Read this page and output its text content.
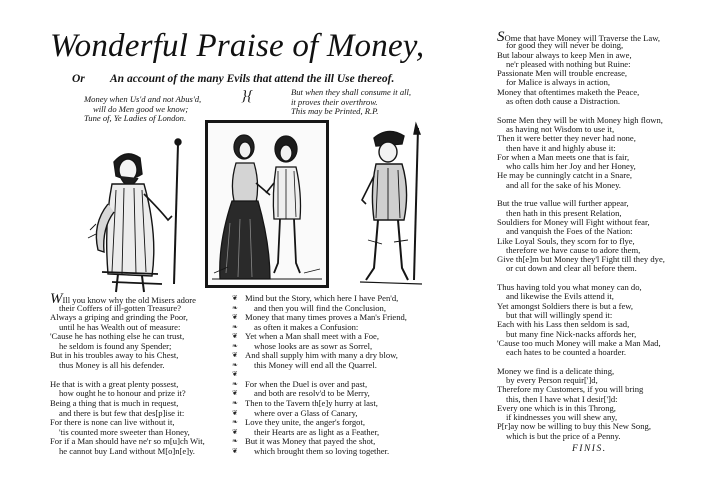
Wonderful Praise of Money,
Or An account of the many Evils that attend the ill Use thereof.
Money when Us'd and not Abus'd,
will do Men good we know;
Tune of, Ye Ladies of London.
}{	But when they shall consume it all,
it proves their overthrow.
This may be Printed, R.P.
WIll you know why the old Misers adore
their Coffers of ill-gotten Treasure?
Always a griping and grinding the Poor,
until he has Wealth out of measure:
'Cause he has nothing else he can trust,
he seldom is found any Spender;
But in his troubles away to his Chest,
thus Money is all his defender.
He that is with a great plenty possest,
how ought he to honour and prize it?
Being a thing that is much in request,
and there is but few that des[p]ise it:
For there is none can live without it,
'tis counted more sweeter than Honey,
For if a Man should have ne'r so m[u]ch Wit,
he cannot buy Land without M[o]n[e]y.
❦
❧
❦
❧
❦
❧
❦
❧
❦
❧
❦
❧
❦
❧
❦
❧
❦
Mind but the Story, which here I have Pen'd,
and then you will find the Conclusion,
Money that many times proves a Man's Friend,
as often it makes a Confusion:
Yet when a Man shall meet with a Foe,
whose looks are as sowr as Sorrel,
And shall supply him with many a dry blow,
this Money will end all the Quarrel.
For when the Duel is over and past,
and both are resolv'd to be Merry,
Then to the Tavern th[e]y hurry at last,
where over a Glass of Canary,
Love they unite, the anger's forgot,
their Hearts are as light as a Feather,
But it was Money that payed the shot,
which brought them so loving together.
SOme that have Money will Traverse the Law,
for good they will never be doing,
But labour always to keep Men in awe,
ne'r pleased with nothing but Ruine:
Passionate Men will trouble encrease,
for Malice is always in action,
Money that oftentimes maketh the Peace,
as often doth cause a Distraction.
Some Men they will be with Money high flown,
as having not Wisdom to use it,
Then it were better they never had none,
then have it and highly abuse it:
For when a Man meets one that is fair,
who calls him her Joy and her Honey,
He may be cunningly catcht in a Snare,
and all for the sake of his Money.
But the true vallue will further appear,
then hath in this present Relation,
Souldiers for Money will Fight without fear,
and vanquish the Foes of the Nation:
Like Loyal Souls, they scorn for to flye,
therefore we have cause to adore them,
Give th[e]m but Money they'l Fight till they dye,
or cut down and clear all before them.
Thus having told you what money can do,
and likewise the Evils attend it,
Yet amongst Soldiers there is but a few,
but that will willingly spend it:
Each with his Lass then seldom is sad,
but many fine Nick-nacks affords her,
'Cause too much Money will make a Man Mad,
each hates to be counted a hoarder.
Money we find is a delicate thing,
by every Person requir[']d,
Therefore my Customers, if you will bring
this, then I have what I desir[']d:
Every one which is in this Throng,
if kindnesses you will shew any,
P[r]ay now be willing to buy this New Song,
which is but the price of a Penny.
FINIS.
